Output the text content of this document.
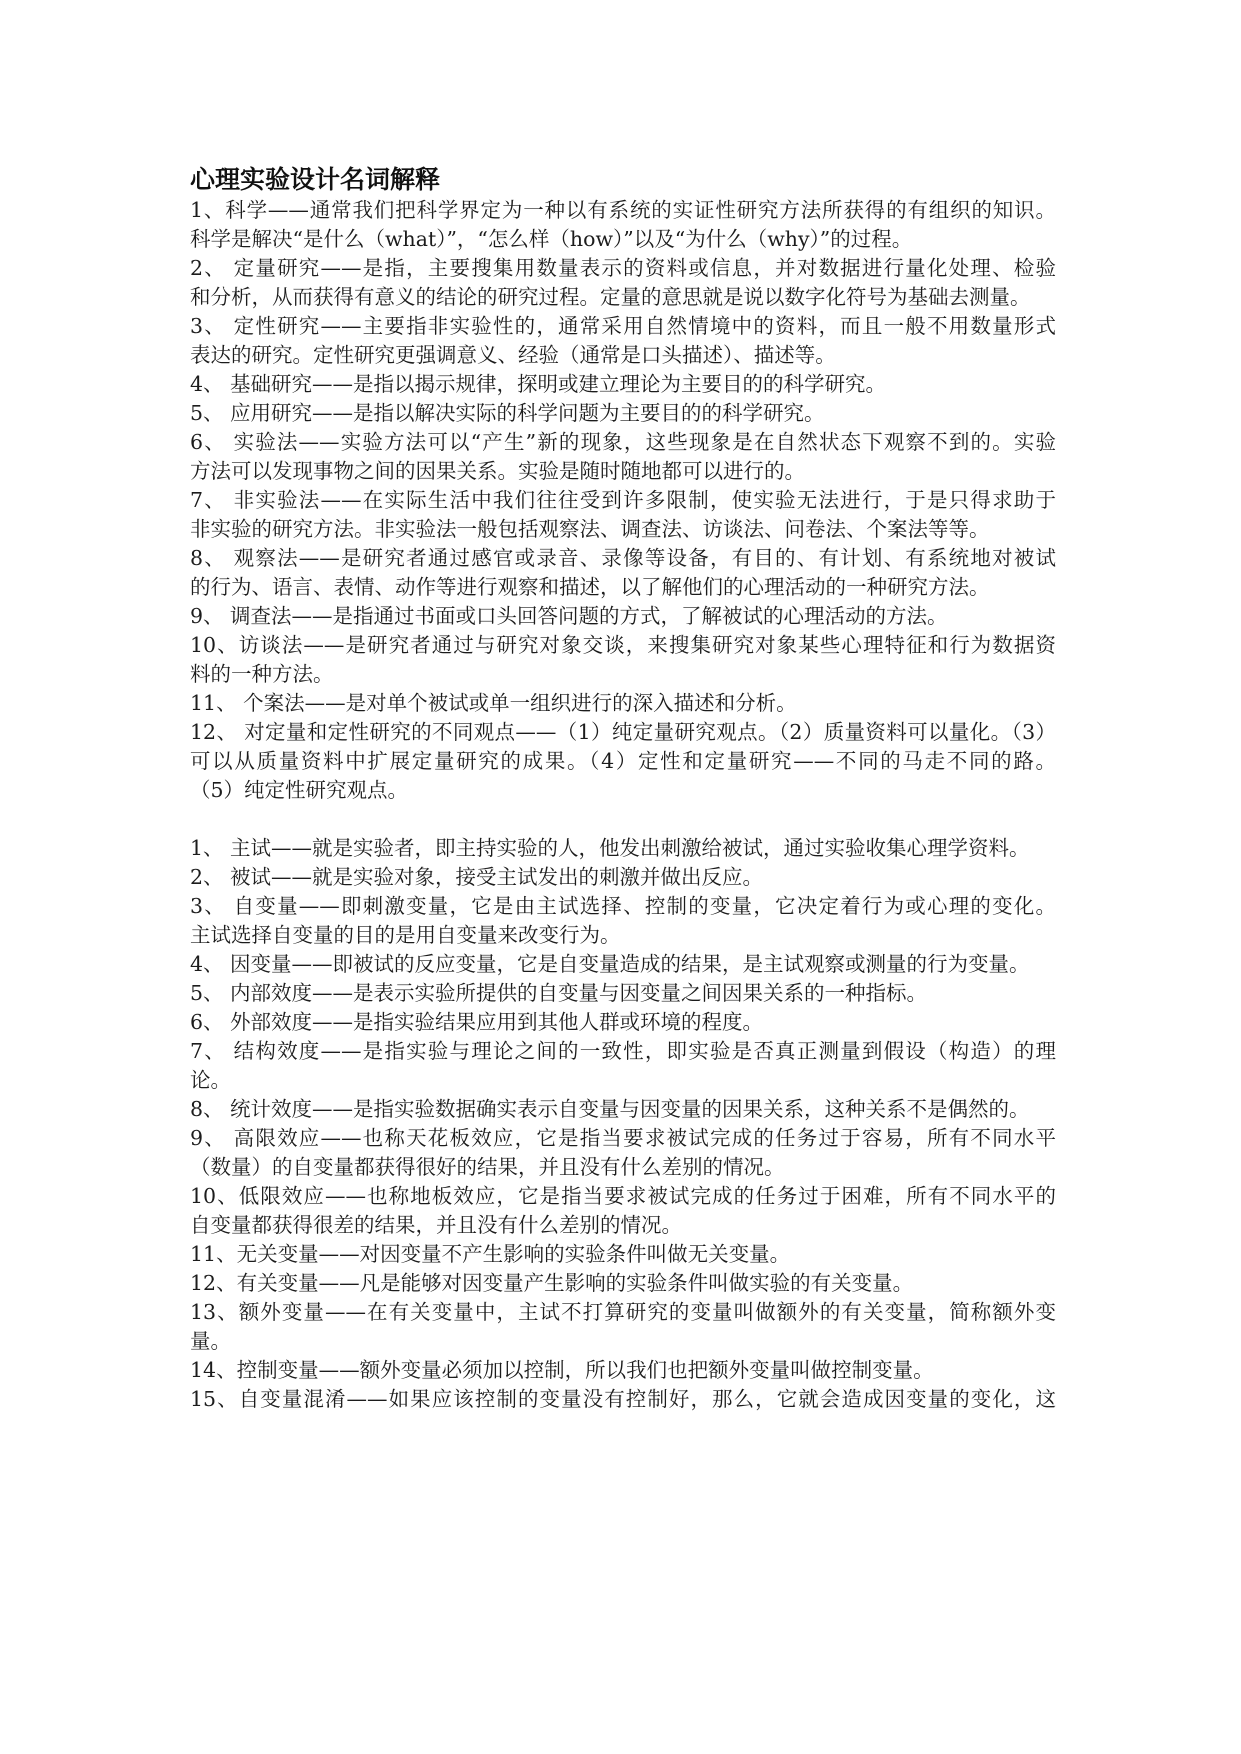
心理实验设计名词解释
1、科学——通常我们把科学界定为一种以有系统的实证性研究方法所获得的有组织的知识。
科学是解决“是什么（what）”，“怎么样（how）”以及“为什么（why）”的过程。
2、 定量研究——是指，主要搜集用数量表示的资料或信息，并对数据进行量化处理、检验
和分析，从而获得有意义的结论的研究过程。定量的意思就是说以数字化符号为基础去测量。
3、 定性研究——主要指非实验性的，通常采用自然情境中的资料，而且一般不用数量形式
表达的研究。定性研究更强调意义、经验（通常是口头描述）、描述等。
4、 基础研究——是指以揭示规律，探明或建立理论为主要目的的科学研究。
5、 应用研究——是指以解决实际的科学问题为主要目的的科学研究。
6、 实验法——实验方法可以“产生”新的现象，这些现象是在自然状态下观察不到的。实验
方法可以发现事物之间的因果关系。实验是随时随地都可以进行的。
7、 非实验法——在实际生活中我们往往受到许多限制，使实验无法进行，于是只得求助于
非实验的研究方法。非实验法一般包括观察法、调查法、访谈法、问卷法、个案法等等。
8、 观察法——是研究者通过感官或录音、录像等设备，有目的、有计划、有系统地对被试
的行为、语言、表情、动作等进行观察和描述，以了解他们的心理活动的一种研究方法。
9、 调查法——是指通过书面或口头回答问题的方式，了解被试的心理活动的方法。
10、访谈法——是研究者通过与研究对象交谈，来搜集研究对象某些心理特征和行为数据资
料的一种方法。
11、 个案法——是对单个被试或单一组织进行的深入描述和分析。
12、 对定量和定性研究的不同观点——（1）纯定量研究观点。（2）质量资料可以量化。（3）
可以从质量资料中扩展定量研究的成果。（4）定性和定量研究——不同的马走不同的路。
（5）纯定性研究观点。
1、 主试——就是实验者，即主持实验的人，他发出刺激给被试，通过实验收集心理学资料。
2、 被试——就是实验对象，接受主试发出的刺激并做出反应。
3、 自变量——即刺激变量，它是由主试选择、控制的变量，它决定着行为或心理的变化。
主试选择自变量的目的是用自变量来改变行为。
4、 因变量——即被试的反应变量，它是自变量造成的结果，是主试观察或测量的行为变量。
5、 内部效度——是表示实验所提供的自变量与因变量之间因果关系的一种指标。
6、 外部效度——是指实验结果应用到其他人群或环境的程度。
7、 结构效度——是指实验与理论之间的一致性，即实验是否真正测量到假设（构造）的理
论。
8、 统计效度——是指实验数据确实表示自变量与因变量的因果关系，这种关系不是偶然的。
9、 高限效应——也称天花板效应，它是指当要求被试完成的任务过于容易，所有不同水平
（数量）的自变量都获得很好的结果，并且没有什么差别的情况。
10、低限效应——也称地板效应，它是指当要求被试完成的任务过于困难，所有不同水平的
自变量都获得很差的结果，并且没有什么差别的情况。
11、无关变量——对因变量不产生影响的实验条件叫做无关变量。
12、有关变量——凡是能够对因变量产生影响的实验条件叫做实验的有关变量。
13、额外变量——在有关变量中，主试不打算研究的变量叫做额外的有关变量，简称额外变
量。
14、控制变量——额外变量必须加以控制，所以我们也把额外变量叫做控制变量。
15、自变量混淆——如果应该控制的变量没有控制好，那么，它就会造成因变量的变化，这
